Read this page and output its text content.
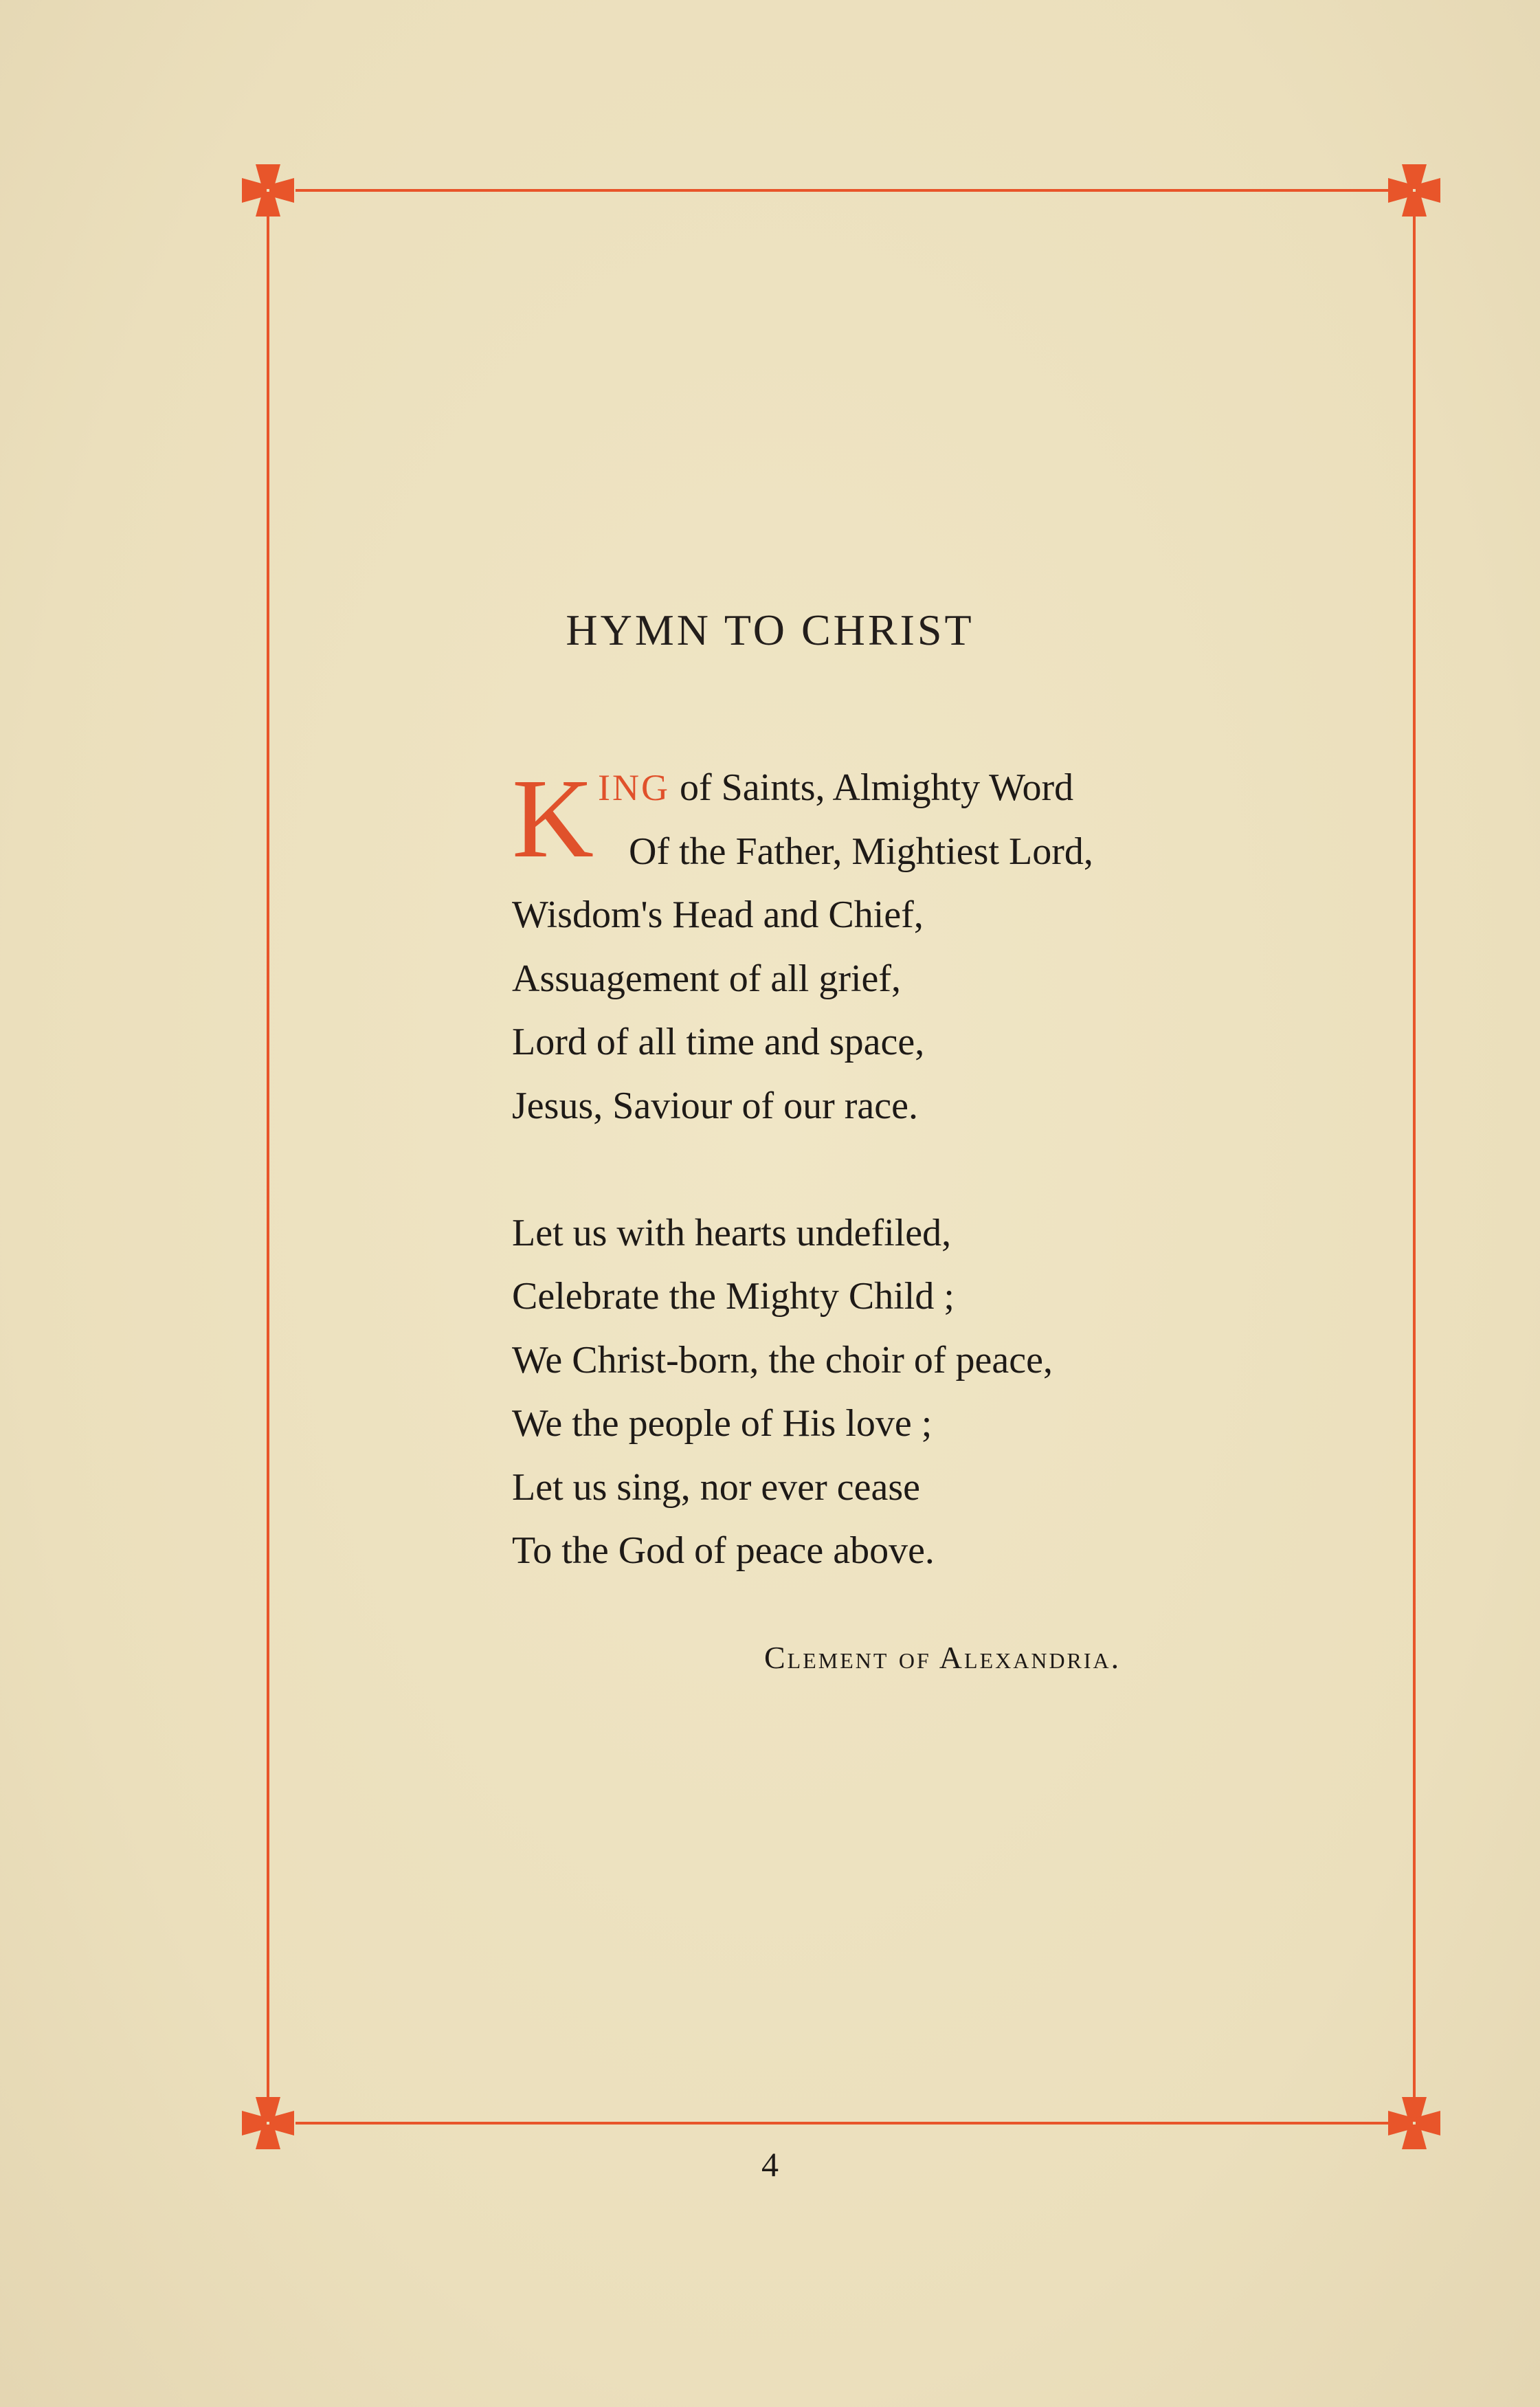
HYMN TO CHRIST
K ING of Saints, Almighty Word
Of the Father, Mightiest Lord,
Wisdom's Head and Chief,
Assuagement of all grief,
Lord of all time and space,
Jesus, Saviour of our race.
Let us with hearts undefiled,
Celebrate the Mighty Child ;
We Christ-born, the choir of peace,
We the people of His love ;
Let us sing, nor ever cease
To the God of peace above.
Clement of Alexandria.
4
